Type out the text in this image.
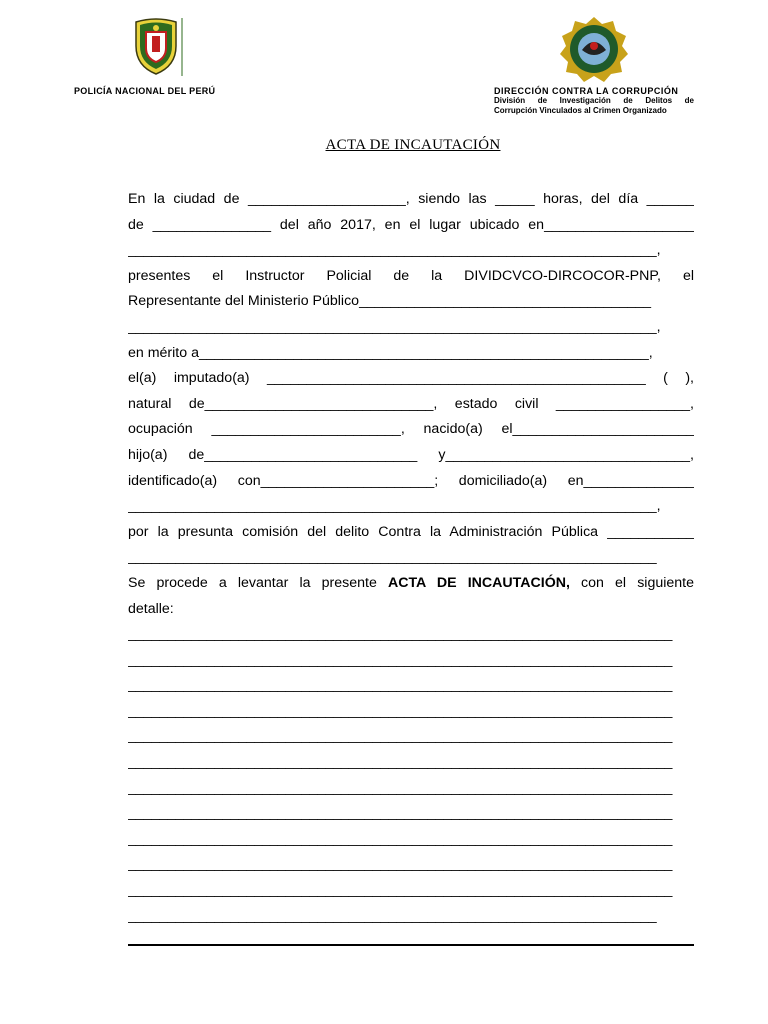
POLICÍA NACIONAL DEL PERÚ	DIRECCIÓN CONTRA LA CORRUPCIÓN
División de Investigación de Delitos de
Corrupción Vinculados al Crimen Organizado
ACTA DE INCAUTACIÓN
En la ciudad de ____________________, siendo las _____ horas, del día ______
de _______________ del año 2017, en el lugar ubicado en___________________
___________________________________________________________________,
presentes el Instructor Policial de la DIVIDCVCO-DIRCOCOR-PNP, el
Representante del Ministerio Público_____________________________________
___________________________________________________________________,
en mérito a_________________________________________________________,
el(a) imputado(a) ________________________________________________ ( ),
natural de_____________________________, estado civil _________________,
ocupación ________________________, nacido(a) el_______________________
hijo(a) de___________________________ y_______________________________,
identificado(a) con______________________; domiciliado(a) en______________
___________________________________________________________________,
por la presunta comisión del delito Contra la Administración Pública ___________
___________________________________________________________________
Se procede a levantar la presente ACTA DE INCAUTACIÓN, con el siguiente
detalle:
_____________________________________________________________________
_____________________________________________________________________
_____________________________________________________________________
_____________________________________________________________________
_____________________________________________________________________
_____________________________________________________________________
_____________________________________________________________________
_____________________________________________________________________
_____________________________________________________________________
_____________________________________________________________________
_____________________________________________________________________
___________________________________________________________________
